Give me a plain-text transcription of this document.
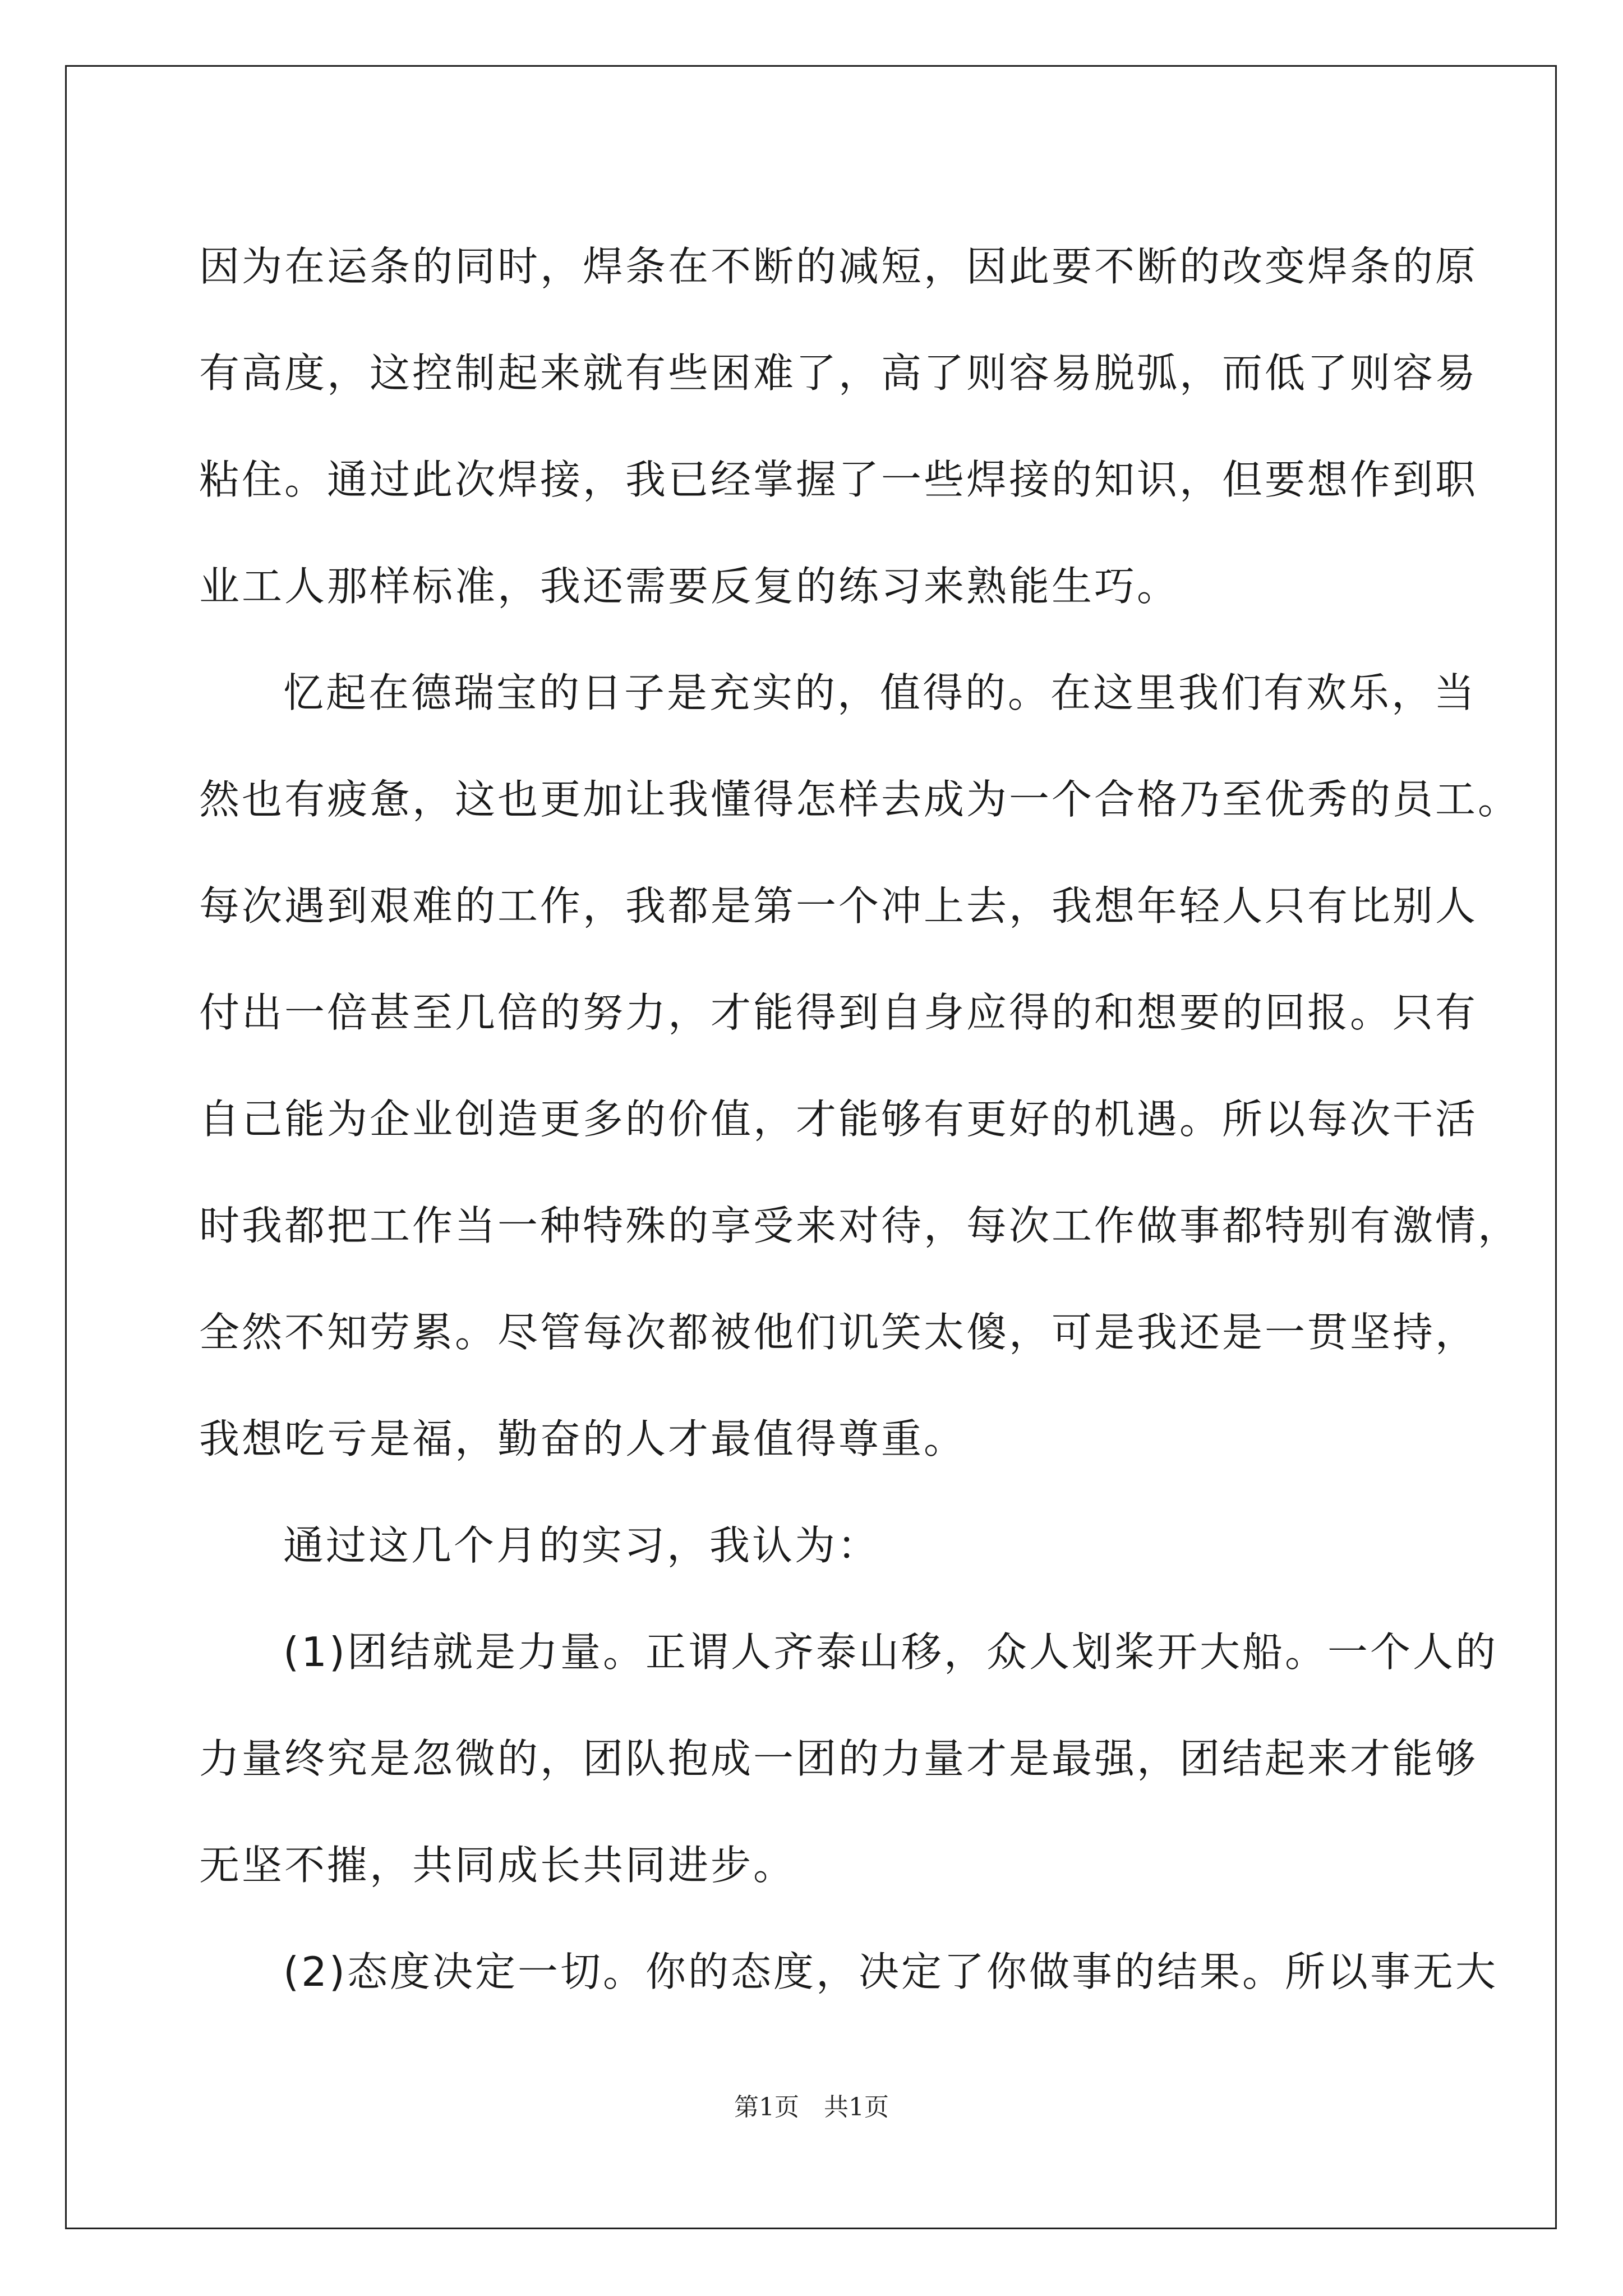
因为在运条的同时，焊条在不断的减短，因此要不断的改变焊条的原
有高度，这控制起来就有些困难了，高了则容易脱弧，而低了则容易
粘住。通过此次焊接，我已经掌握了一些焊接的知识，但要想作到职
业工人那样标准，我还需要反复的练习来熟能生巧。
忆起在德瑞宝的日子是充实的，值得的。在这里我们有欢乐，当
然也有疲惫，这也更加让我懂得怎样去成为一个合格乃至优秀的员工。
每次遇到艰难的工作，我都是第一个冲上去，我想年轻人只有比别人
付出一倍甚至几倍的努力，才能得到自身应得的和想要的回报。只有
自己能为企业创造更多的价值，才能够有更好的机遇。所以每次干活
时我都把工作当一种特殊的享受来对待，每次工作做事都特别有激情，
全然不知劳累。尽管每次都被他们讥笑太傻，可是我还是一贯坚持，
我想吃亏是福，勤奋的人才最值得尊重。
通过这几个月的实习，我认为：
(1)团结就是力量。正谓人齐泰山移，众人划桨开大船。一个人的
力量终究是忽微的，团队抱成一团的力量才是最强，团结起来才能够
无坚不摧，共同成长共同进步。
(2)态度决定一切。你的态度，决定了你做事的结果。所以事无大
第1页　共1页
